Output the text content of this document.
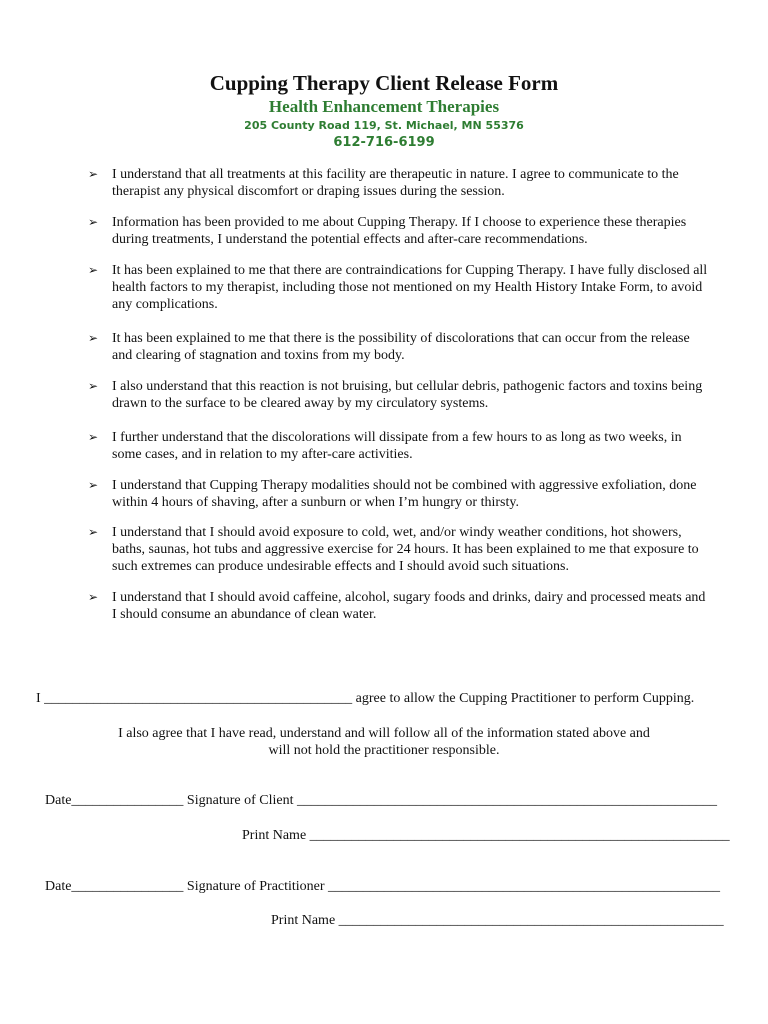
Cupping Therapy Client Release Form
Health Enhancement Therapies
205 County Road 119, St. Michael, MN 55376
612-716-6199
➢ I understand that all treatments at this facility are therapeutic in nature. I agree to communicate to the therapist any physical discomfort or draping issues during the session.
➢ Information has been provided to me about Cupping Therapy. If I choose to experience these therapies during treatments, I understand the potential effects and after-care recommendations.
➢ It has been explained to me that there are contraindications for Cupping Therapy. I have fully disclosed all health factors to my therapist, including those not mentioned on my Health History Intake Form, to avoid any complications.
➢ It has been explained to me that there is the possibility of discolorations that can occur from the release and clearing of stagnation and toxins from my body.
➢ I also understand that this reaction is not bruising, but cellular debris, pathogenic factors and toxins being drawn to the surface to be cleared away by my circulatory systems.
➢ I further understand that the discolorations will dissipate from a few hours to as long as two weeks, in some cases, and in relation to my after-care activities.
➢ I understand that Cupping Therapy modalities should not be combined with aggressive exfoliation, done within 4 hours of shaving, after a sunburn or when I’m hungry or thirsty.
➢ I understand that I should avoid exposure to cold, wet, and/or windy weather conditions, hot showers, baths, saunas, hot tubs and aggressive exercise for 24 hours. It has been explained to me that exposure to such extremes can produce undesirable effects and I should avoid such situations.
➢ I understand that I should avoid caffeine, alcohol, sugary foods and drinks, dairy and processed meats and I should consume an abundance of clean water.
I ____________________________________________ agree to allow the Cupping Practitioner to perform Cupping.
I also agree that I have read, understand and will follow all of the information stated above and
will not hold the practitioner responsible.
Date________________ Signature of Client ____________________________________________________________
Print Name ____________________________________________________________
Date________________ Signature of Practitioner ________________________________________________________
Print Name _______________________________________________________
